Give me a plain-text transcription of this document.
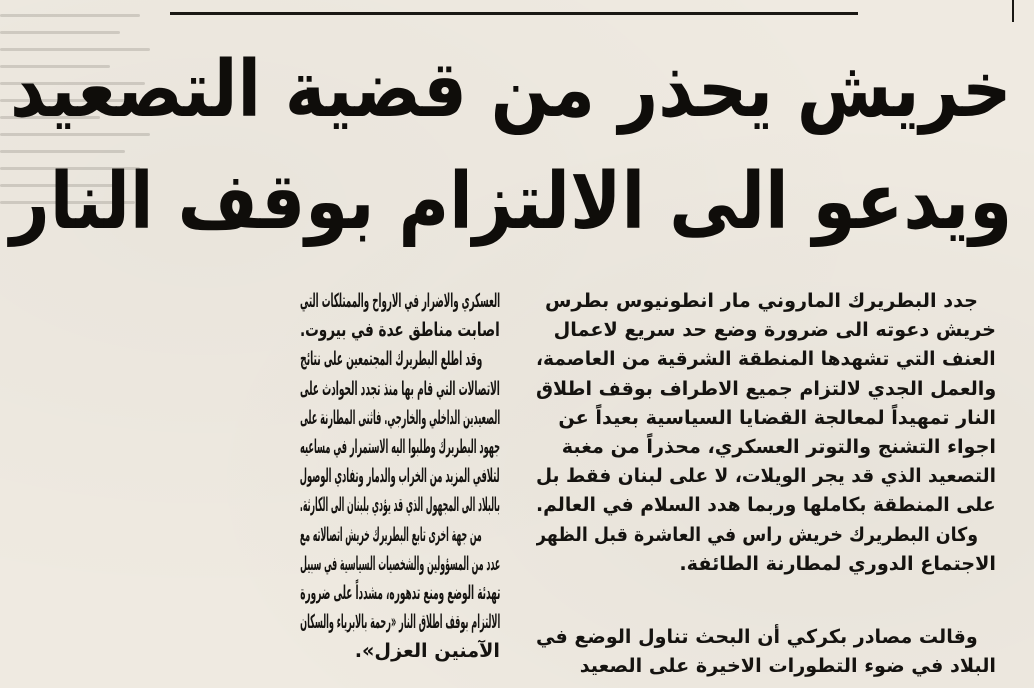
خريش يحذر من قضية التصعيد
ويدعو الى الالتزام بوقف النار
جدد البطريرك الماروني مار انطونيوس بطرس
خريش دعوته الى ضرورة وضع حد سريع لاعمال
العنف التي تشهدها المنطقة الشرقية من العاصمة،
والعمل الجدي لالتزام جميع الاطراف بوقف اطلاق
النار تمهيداً لمعالجة القضايا السياسية بعيداً عن
اجواء التشنج والتوتر العسكري، محذراً من مغبة
التصعيد الذي قد يجر الويلات، لا على لبنان فقط بل
على المنطقة بكاملها وربما هدد السلام في العالم.
وكان البطريرك خريش راس في العاشرة قبل الظهر
الاجتماع الدوري لمطارنة الطائفة.
وقالت مصادر بكركي أن البحث تناول الوضع في
البلاد في ضوء التطورات الاخيرة على الصعيد
العسكري والاضرار في الارواح والممتلكات التي
اصابت مناطق عدة في بيروت.
وقد اطلع البطريرك المجتمعين على نتائج
الاتصالات التي قام بها منذ تجدد الحوادث على
الصعيدين الداخلي والخارجي. فاثنى المطارنة على
جهود البطريرك وطلبوا اليه الاستمرار في مساعيه
لتلافي المزيد من الخراب والدمار وتفادي الوصول
بالبلاد الى المجهول الذي قد يؤدي بلبنان الى الكارثة.
من جهة اخرى تابع البطريرك خريش اتصالاته مع
عدد من المسؤولين والشخصيات السياسية في سبيل
تهدئة الوضع ومنع تدهوره، مشدداً على ضرورة
الالتزام بوقف اطلاق النار «رحمة بالابرياء والسكان
الآمنين العزل».
